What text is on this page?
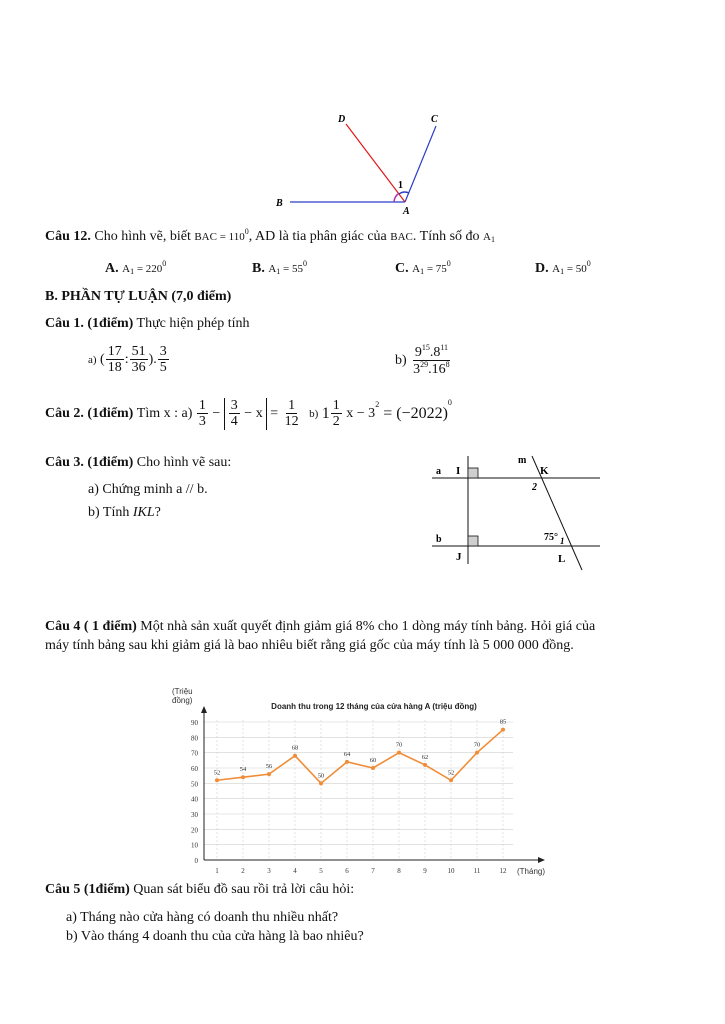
D	C
B
A
1
Câu 12. Cho hình vẽ, biết BAC = $110^0$, AD là tia phân giác của BAC. Tính số đo $A_1$
A. $A_1 = 220^0$	B. $A_1 = 55^0$	C. $A_1 = 75^0$	D. $A_1 = 50^0$
B. PHẦN TỰ LUẬN (7,0 điểm)
Câu 1. (1điểm) Thực hiện phép tính
a) ( $\frac{17}{18}$ : $\frac{51}{36}$ ). $\frac{3}{5}$	$b) \frac{9^{15}.8^{11}}{3^{29}.16^8}$
Câu 2. (1điểm) Tìm x : $a) \frac{1}{3} - \frac{3}{4} - x = \frac{1}{12} b$) $1 \frac{1}{2}$ $x - 3^2 = (-2022)^0$
Câu 3. (1điểm) Cho hình vẽ sau:
a) Chứng minh a // b.
b) Tính IKL?
a I
m
K
2
b	75° 1
J	L
Câu 4 ( 1 điểm) Một nhà sản xuất quyết định giảm giá 8% cho 1 dòng máy tính bảng. Hỏi giá của
máy tính bảng sau khi giảm giá là bao nhiêu biết rằng giá gốc của máy tính là 5 000 000 đồng.
(Triệu
đồng)
Doanh thu trong 12 tháng của cửa hàng A (triệu đồng)
(Tháng)
0
10
20
30
40
50
60
70
80
90
1	2	3	4	5	6	7	8	9	10	11	12
52	54	56
68
50
64
60
70
62
52
70
85
Câu 5 (1điểm) Quan sát biểu đồ sau rồi trả lời câu hỏi:
a) Tháng nào cửa hàng có doanh thu nhiều nhất?
b) Vào tháng 4 doanh thu của cửa hàng là bao nhiêu?
